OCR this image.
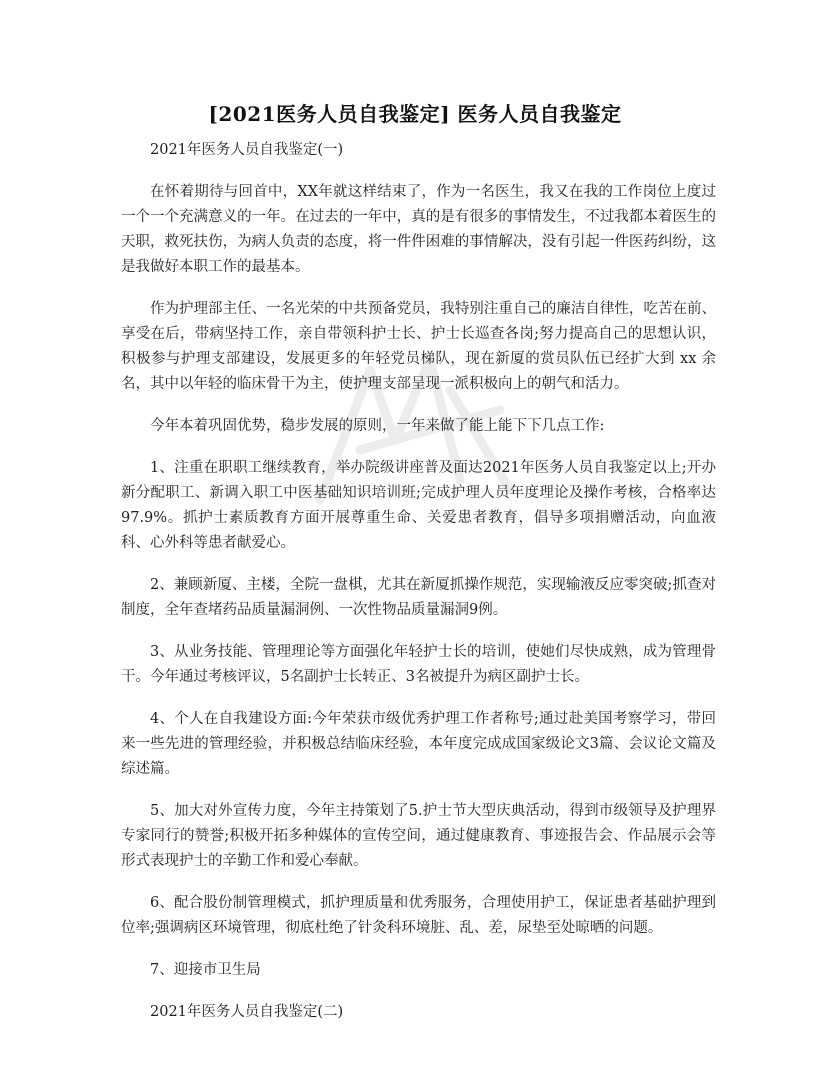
[2021医务人员自我鉴定] 医务人员自我鉴定

2021年医务人员自我鉴定(一)

在怀着期待与回首中，XX年就这样结束了，作为一名医生，我又在我的工作岗位上度过一个一个充满意义的一年。在过去的一年中，真的是有很多的事情发生，不过我都本着医生的天职，救死扶伤，为病人负责的态度，将一件件困难的事情解决，没有引起一件医药纠纷，这是我做好本职工作的最基本。

作为护理部主任、一名光荣的中共预备党员，我特别注重自己的廉洁自律性，吃苦在前、享受在后，带病坚持工作，亲自带领科护士长、护士长巡查各岗;努力提高自己的思想认识，积极参与护理支部建设，发展更多的年轻党员梯队，现在新厦的赏员队伍已经扩大到 xx 余名，其中以年轻的临床骨干为主，使护理支部呈现一派积极向上的朝气和活力。

今年本着巩固优势，稳步发展的原则，一年来做了能上能下下几点工作:

1、注重在职职工继续教育，举办院级讲座普及面达2021年医务人员自我鉴定以上;开办新分配职工、新调入职工中医基础知识培训班;完成护理人员年度理论及操作考核，合格率达 97.9%。抓护士素质教育方面开展尊重生命、关爱患者教育，倡导多项捐赠活动，向血液科、心外科等患者献爱心。

2、兼顾新厦、主楼，全院一盘棋，尤其在新厦抓操作规范，实现输液反应零突破;抓查对制度，全年查堵药品质量漏洞例、一次性物品质量漏洞9例。

3、从业务技能、管理理论等方面强化年轻护士长的培训，使她们尽快成熟，成为管理骨干。今年通过考核评议，5名副护士长转正、3名被提升为病区副护士长。

4、个人在自我建设方面:今年荣获市级优秀护理工作者称号;通过赴美国考察学习，带回来一些先进的管理经验，并积极总结临床经验，本年度完成成国家级论文3篇、会议论文篇及综述篇。

5、加大对外宣传力度，今年主持策划了5.护士节大型庆典活动，得到市级领导及护理界专家同行的赞誉;积极开拓多种媒体的宣传空间，通过健康教育、事迹报告会、作品展示会等形式表现护士的辛勤工作和爱心奉献。

6、配合股份制管理模式，抓护理质量和优秀服务，合理使用护工，保证患者基础护理到位率;强调病区环境管理，彻底杜绝了针灸科环境脏、乱、差，尿垫至处晾晒的问题。

7、迎接市卫生局

2021年医务人员自我鉴定(二)
